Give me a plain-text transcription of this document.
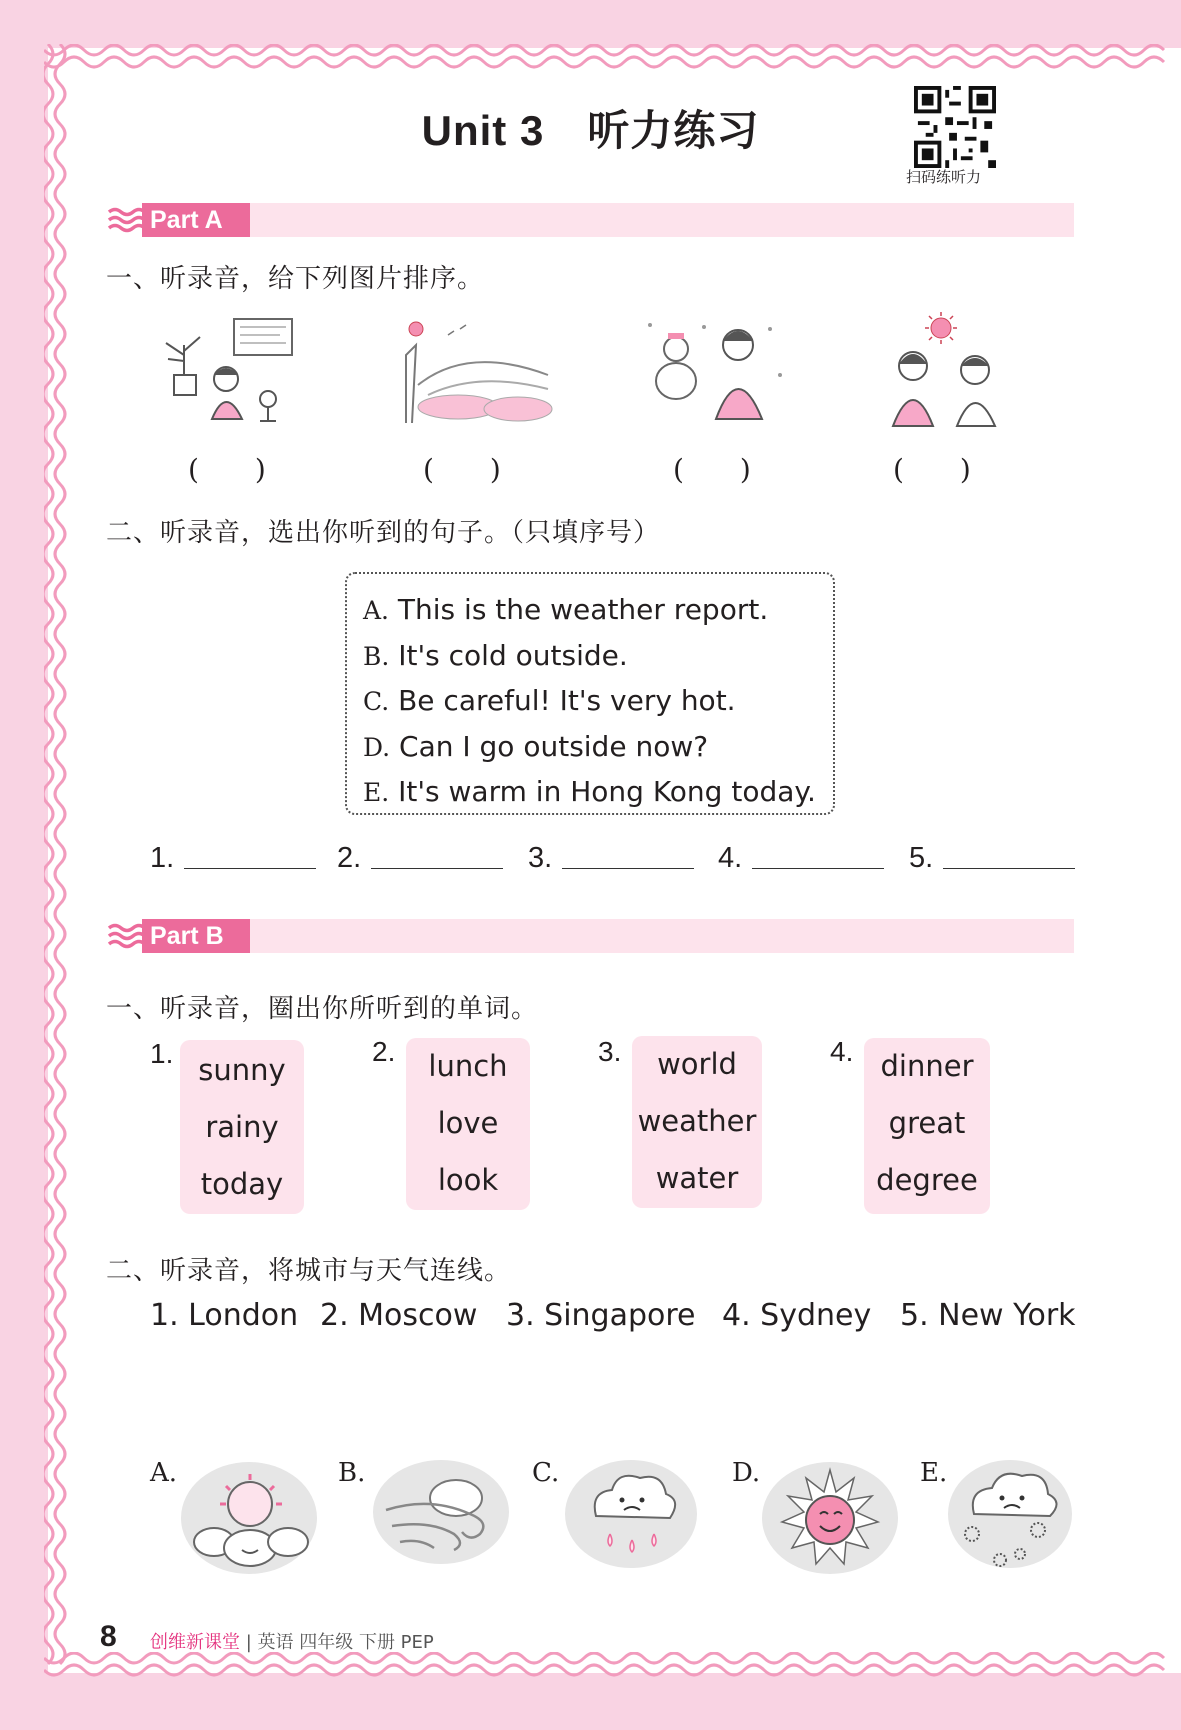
Unit 3　听力练习
扫码练听力
Part A
一、听录音，给下列图片排序。
(　　)	(　　)	(　　)	(　　)
二、听录音，选出你听到的句子。（只填序号）
A. This is the weather report.
B. It's cold outside.
C. Be careful! It's very hot.
D. Can I go outside now?
E. It's warm in Hong Kong today.
1.	2.	3.	4.	5.
Part B
一、听录音，圈出你所听到的单词。
1. sunny
rainy
today
2.	lunch
love
look
3.	world
weather
water
4. dinner
great
degree
二、听录音，将城市与天气连线。
1. London 2. Moscow 3. Singapore 4. Sydney 5. New York
A.	B.	C.	D.	E.
8 创维新课堂 | 英语 四年级 下册 PEP
